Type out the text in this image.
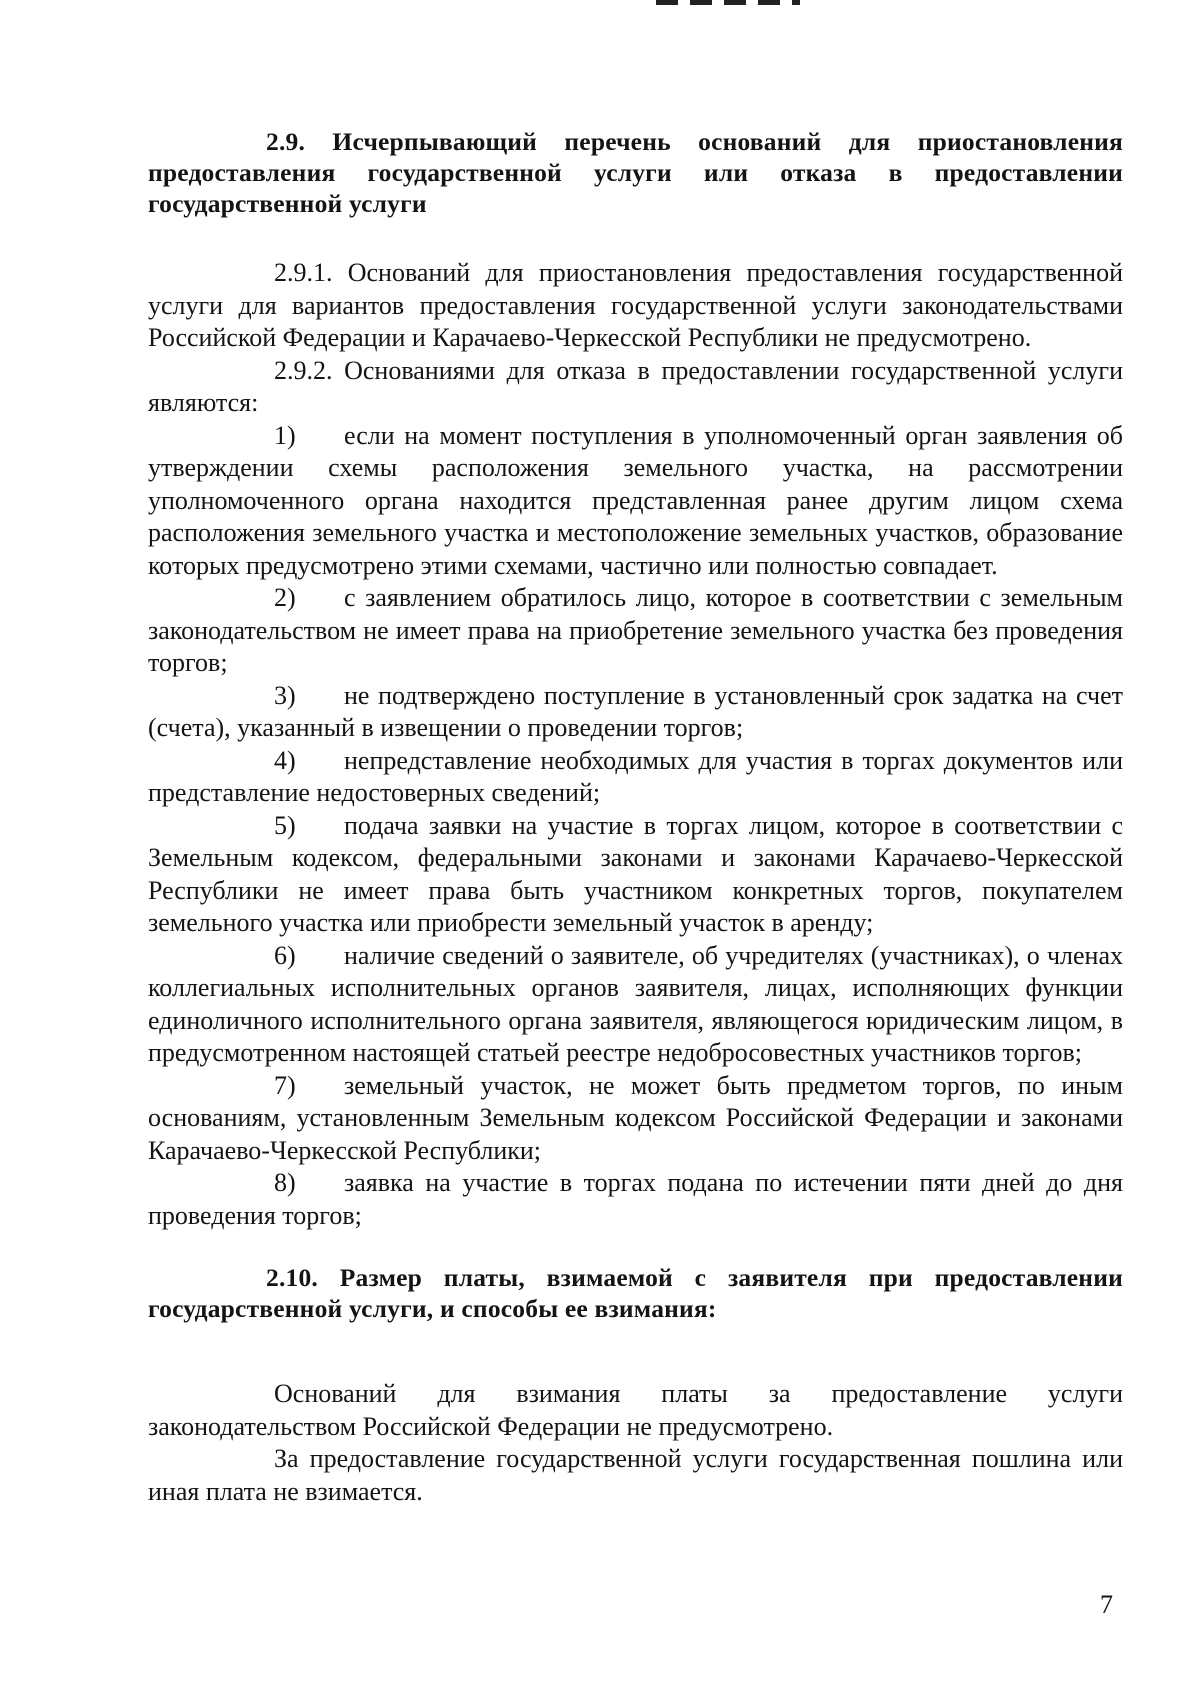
2.9. Исчерпывающий перечень оснований для приостановления предоставления государственной услуги или отказа в предоставлении государственной услуги

2.9.1. Оснований для приостановления предоставления государственной услуги для вариантов предоставления государственной услуги законодательствами Российской Федерации и Карачаево-Черкесской Республики не предусмотрено.

2.9.2. Основаниями для отказа в предоставлении государственной услуги являются:

1) если на момент поступления в уполномоченный орган заявления об утверждении схемы расположения земельного участка, на рассмотрении уполномоченного органа находится представленная ранее другим лицом схема расположения земельного участка и местоположение земельных участков, образование которых предусмотрено этими схемами, частично или полностью совпадает.

2) с заявлением обратилось лицо, которое в соответствии с земельным законодательством не имеет права на приобретение земельного участка без проведения торгов;

3) не подтверждено поступление в установленный срок задатка на счет (счета), указанный в извещении о проведении торгов;

4) непредставление необходимых для участия в торгах документов или представление недостоверных сведений;

5) подача заявки на участие в торгах лицом, которое в соответствии с Земельным кодексом, федеральными законами и законами Карачаево-Черкесской Республики не имеет права быть участником конкретных торгов, покупателем земельного участка или приобрести земельный участок в аренду;

6) наличие сведений о заявителе, об учредителях (участниках), о членах коллегиальных исполнительных органов заявителя, лицах, исполняющих функции единоличного исполнительного органа заявителя, являющегося юридическим лицом, в предусмотренном настоящей статьей реестре недобросовестных участников торгов;

7) земельный участок, не может быть предметом торгов, по иным основаниям, установленным Земельным кодексом Российской Федерации и законами Карачаево-Черкесской Республики;

8) заявка на участие в торгах подана по истечении пяти дней до дня проведения торгов;

2.10. Размер платы, взимаемой с заявителя при предоставлении государственной услуги, и способы ее взимания:

Оснований для взимания платы за предоставление услуги законодательством Российской Федерации не предусмотрено.

За предоставление государственной услуги государственная пошлина или иная плата не взимается.

7
